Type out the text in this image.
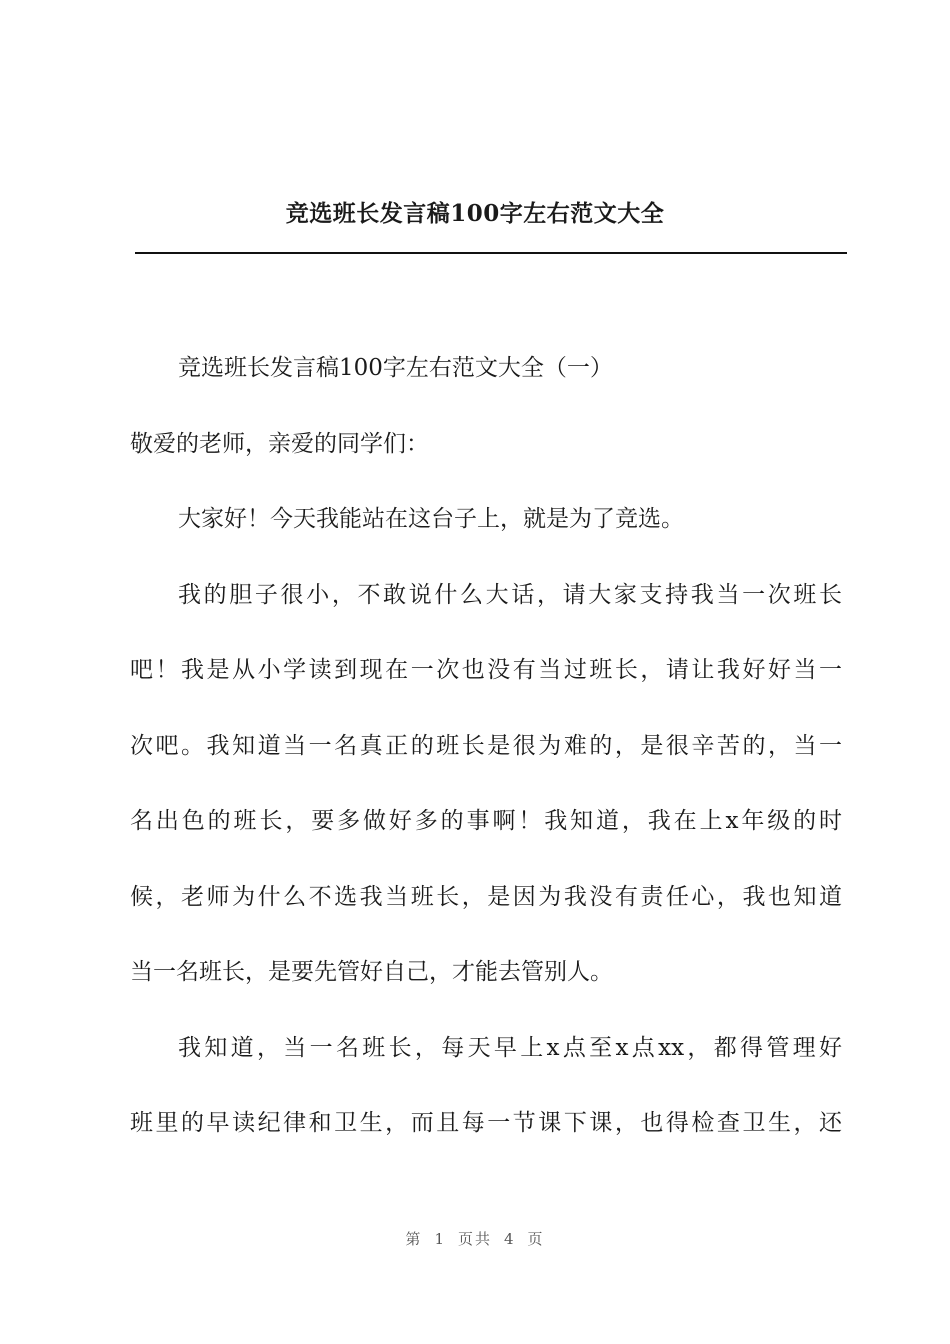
竞选班长发言稿100字左右范文大全
竞选班长发言稿100字左右范文大全（一）
敬爱的老师，亲爱的同学们：
大家好！今天我能站在这台子上，就是为了竞选。
我的胆子很小，不敢说什么大话，请大家支持我当一次班长
吧！我是从小学读到现在一次也没有当过班长，请让我好好当一
次吧。我知道当一名真正的班长是很为难的，是很辛苦的，当一
名出色的班长，要多做好多的事啊！我知道，我在上x年级的时
候，老师为什么不选我当班长，是因为我没有责任心，我也知道
当一名班长，是要先管好自己，才能去管别人。
我知道，当一名班长，每天早上x点至x点xx，都得管理好
班里的早读纪律和卫生，而且每一节课下课，也得检查卫生，还
第 1 页共 4 页
